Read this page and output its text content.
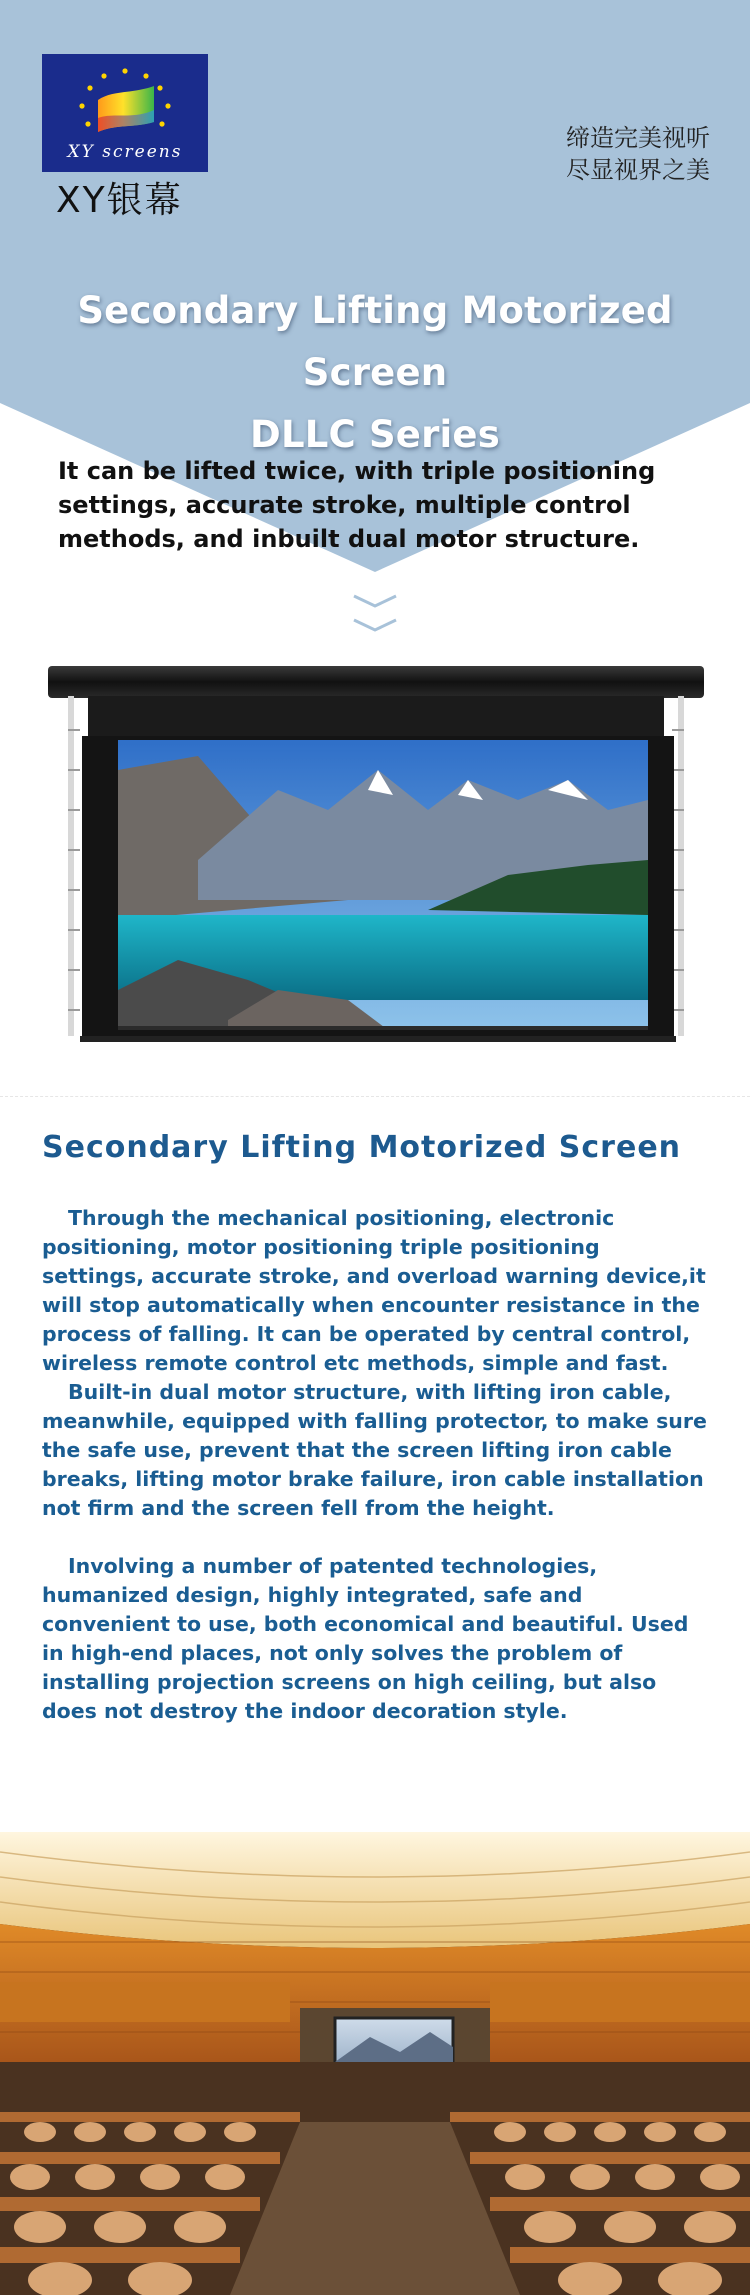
XY screens
XY银幕
缔造完美视听
尽显视界之美
Secondary Lifting Motorized Screen
DLLC Series
It can be lifted twice, with triple positioning settings, accurate stroke, multiple control methods, and inbuilt dual motor structure.
Secondary Lifting Motorized Screen

Through the mechanical positioning, electronic positioning, motor positioning triple positioning settings, accurate stroke, and overload warning device,it will stop automatically when encounter resistance in the process of falling. It can be operated by central control, wireless remote control etc methods, simple and fast.

Built-in dual motor structure, with lifting iron cable, meanwhile, equipped with falling protector, to make sure the safe use, prevent that the screen lifting iron cable breaks, lifting motor brake failure, iron cable installation not firm and the screen fell from the height.

Involving a number of patented technologies, humanized design, highly integrated, safe and convenient to use, both economical and beautiful. Used in high-end places, not only solves the problem of installing projection screens on high ceiling, but also does not destroy the indoor decoration style.
